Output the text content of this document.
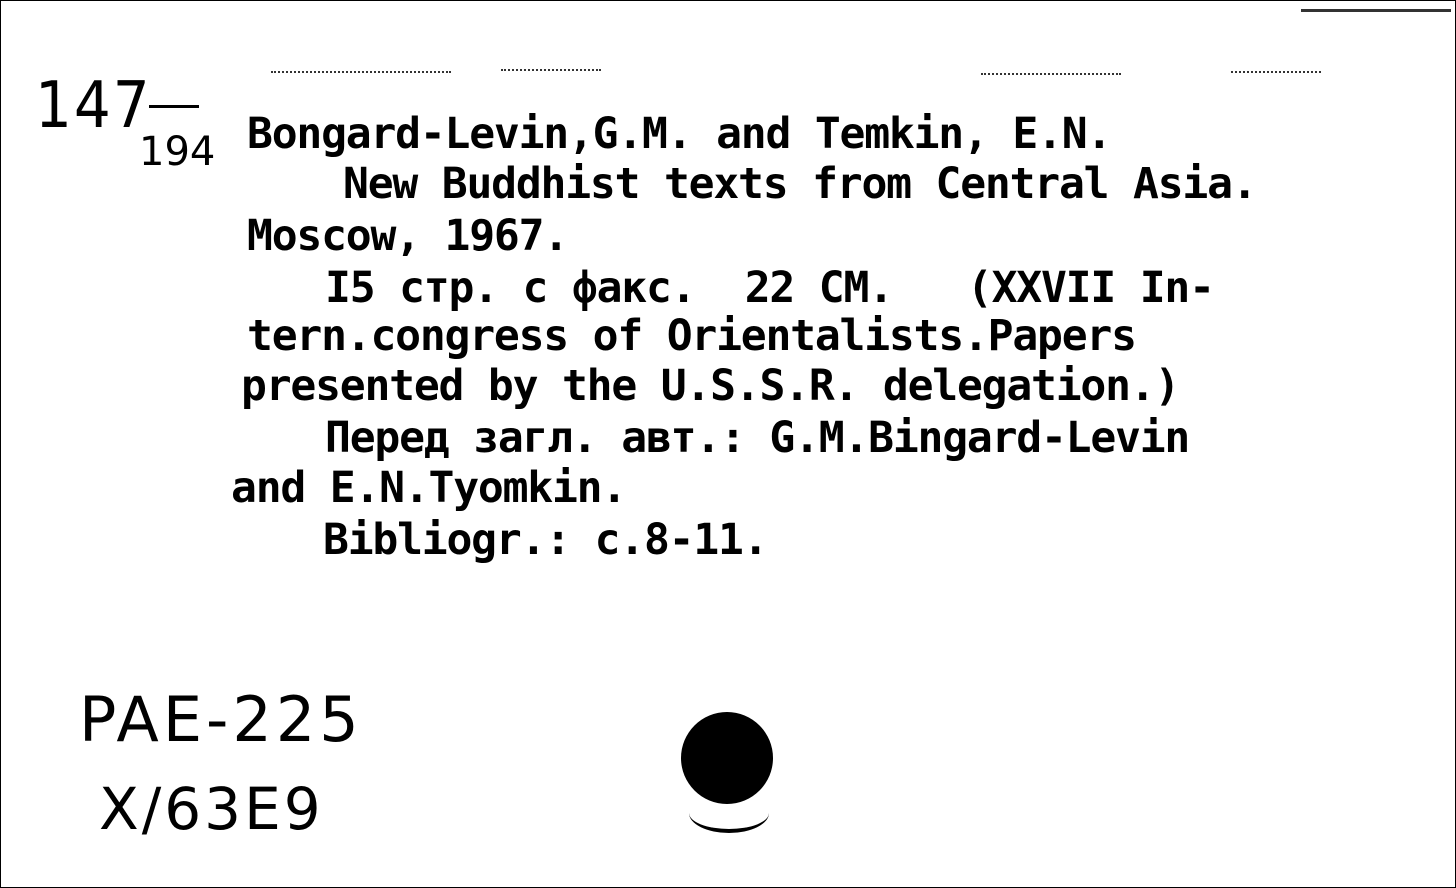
147
194 Bongard-Levin,G.M. and Temkin, E.N.
New Buddhist texts from Central Asia.
Moscow, 1967.
I5 стр. с факс.  22 CM.   (XXVII In-
tern.congress of Orientalists.Papers
presented by the U.S.S.R. delegation.)
Перед загл. авт.: G.M.Bingard-Levin
and E.N.Tyomkin.
Bibliogr.: c.8-11.
PAE-225
X/63E9
